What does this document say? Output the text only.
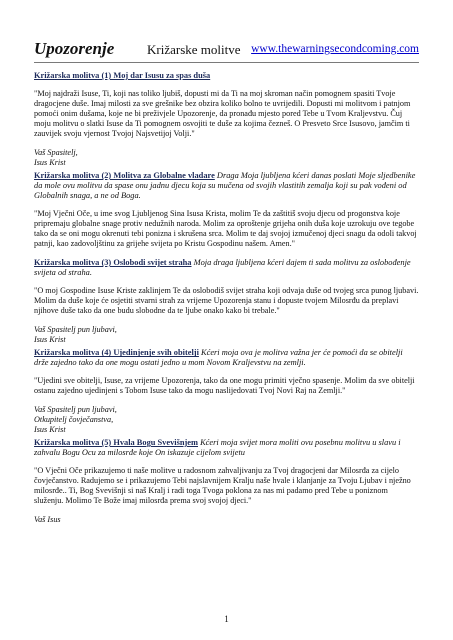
Upozorenje	Križarske molitve www.thewarningsecondcoming.com

Križarska molitva (1) Moj dar Isusu za spas duša

"Moj najdraži Isuse, Ti, koji nas toliko ljubiš, dopusti mi da Ti na moj skroman način pomognem spasiti Tvoje dragocjene duše. Imaj milosti za sve grešnike bez obzira koliko bolno te uvrijedili. Dopusti mi molitvom i patnjom pomoći onim dušama, koje ne bi preživjele Upozorenje, da pronađu mjesto pored Tebe u Tvom Kraljevstvu. Čuj moju molitvu o slatki Isuse da Ti pomognem osvojiti te duše za kojima čezneš. O Presveto Srce Isusovo, jamčim ti zauvijek svoju vjernost Tvojoj Najsvetijoj Volji."

Vaš Spasitelj,
Isus Krist

Križarska molitva (2) Molitva za Globalne vladare Draga Moja ljubljena kćeri danas poslati Moje sljedbenike da mole ovu molitvu da spase onu jadnu djecu koja su mučena od svojih vlastitih zemalja koji su pak vođeni od Globalnih snaga, a ne od Boga.

"Moj Vječni Oče, u ime svog Ljubljenog Sina Isusa Krista, molim Te da zaštitiš svoju djecu od progonstva koje pripremaju globalne snage protiv nedužnih naroda. Molim za oproštenje grijeha onih duša koje uzrokuju ove tegobe tako da se oni mogu okrenuti tebi poniznа i skrušena srca. Molim te daj svojoj izmučenoj djeci snagu da odoli takvoj patnji, kao zadovoljštinu za grijehe svijeta po Kristu Gospodinu našem. Amen."

Križarska molitva (3) Oslobodi svijet straha Moja draga ljubljena kćeri dajem ti sada molitvu za oslobođenje svijeta od straha.

"O moj Gospodine Isuse Kriste zaklinjem Te da oslobodiš svijet straha koji odvaja duše od tvojeg srca punog ljubavi. Molim da duše koje će osjetiti stvarni strah za vrijeme Upozorenja stanu i dopuste tvojem Milosrđu da preplavi njihove duše tako da one budu slobodne da te ljube onako kako bi trebale."

Vaš Spasitelj pun ljubavi,
Isus Krist

Križarska molitva (4) Ujedinjenje svih obitelji Kćeri moja ova je molitva važna jer će pomoći da se obitelji drže zajedno tako da one mogu ostati jedno u mom Novom Kraljevstvu na zemlji.

"Ujedini sve obitelji, Isuse, za vrijeme Upozorenja, tako da one mogu primiti vječno spasenje. Molim da sve obitelji ostanu zajedno ujedinjeni s Tobom Isuse tako da mogu naslijedovati Tvoj Novi Raj na Zemlji."

Vaš Spasitelj pun ljubavi,
Otkupitelj čovječanstva,
Isus Krist

Križarska molitva (5) Hvala Bogu Svevišnjem Kćeri moja svijet mora moliti ovu posebnu molitvu u slavu i zahvalu Bogu Ocu za milosrđe koje On iskazuje cijelom svijetu

"O Vječni Oče prikazujemo ti naše molitve u radosnom zahvaljivanju za Tvoj dragocjeni dar Milosrđa za cijelo čovječanstvo. Radujemo se i prikazujemo Tebi najslavnijem Kralju naše hvale i klanjanje za Tvoju Ljubav i nježno milosrđe.. Ti, Bog Svevišnji si naš Kralj i radi toga Tvoga poklona za nas mi padamo pred Tebe u poniznom služenju. Molimo Te Bože imaj milosrđa prema svoj svojoj djeci."

Vaš Isus

1
